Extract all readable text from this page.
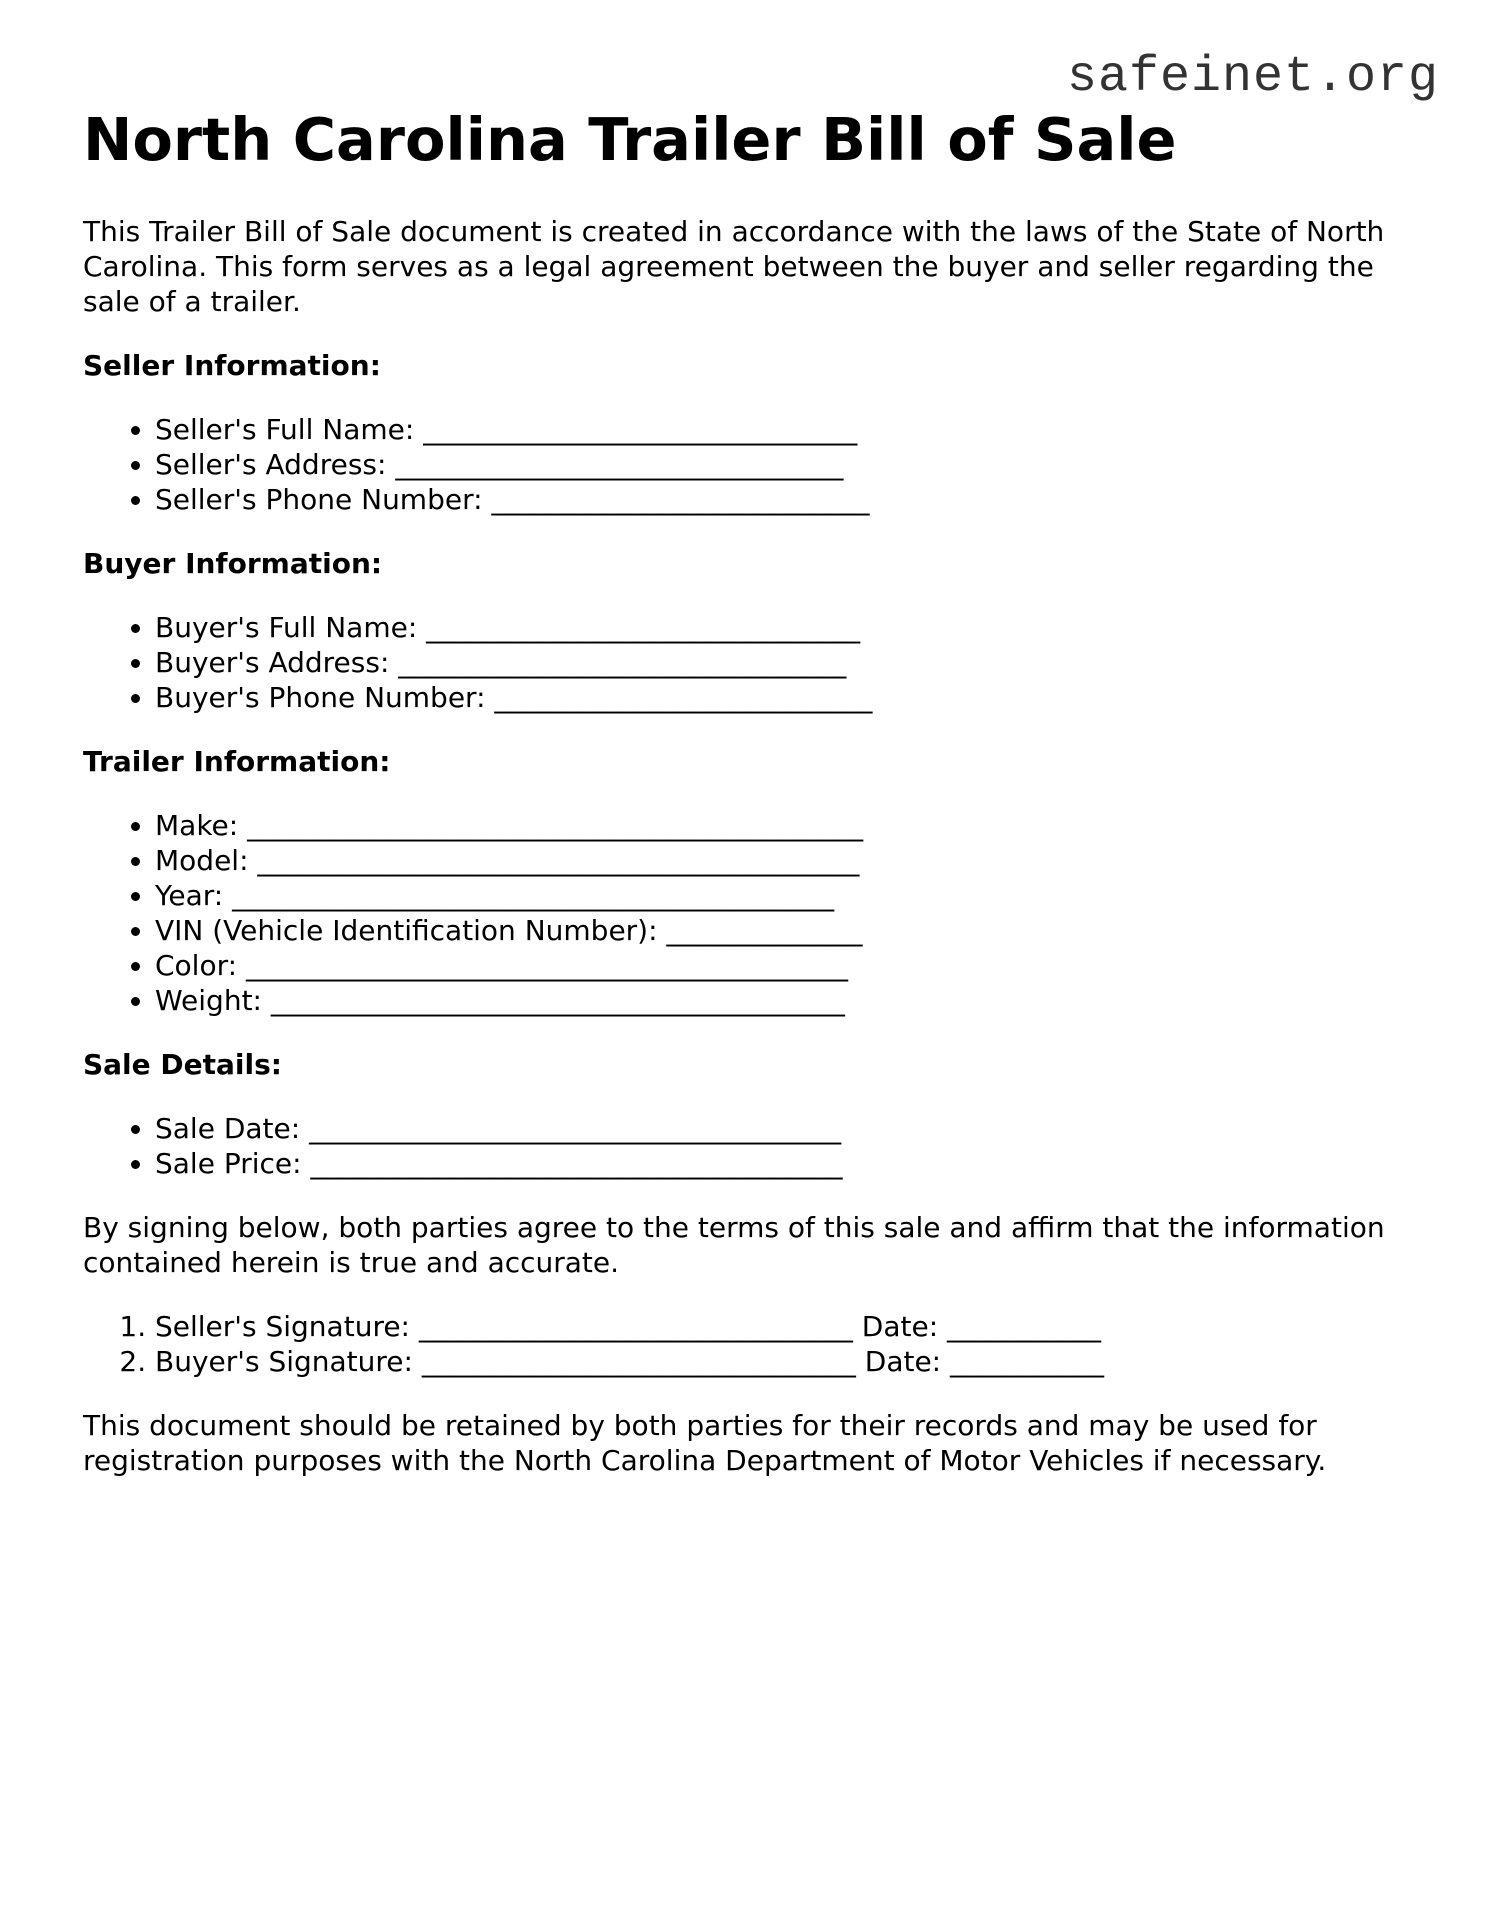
safeinet.org
North Carolina Trailer Bill of Sale

This Trailer Bill of Sale document is created in accordance with the laws of the State of North Carolina. This form serves as a legal agreement between the buyer and seller regarding the sale of a trailer.

Seller Information:
• Seller's Full Name: _______________________________
• Seller's Address: ________________________________
• Seller's Phone Number: ___________________________
Buyer Information:
• Buyer's Full Name: _______________________________
• Buyer's Address: ________________________________
• Buyer's Phone Number: ___________________________
Trailer Information:
• Make: ____________________________________________
• Model: ___________________________________________
• Year: ___________________________________________
• VIN (Vehicle Identification Number): ______________
• Color: ___________________________________________
• Weight: _________________________________________
Sale Details:
• Sale Date: ______________________________________
• Sale Price: ______________________________________

By signing below, both parties agree to the terms of this sale and affirm that the information contained herein is true and accurate.

1. Seller's Signature: _______________________________ Date: ___________
2. Buyer's Signature: _______________________________ Date: ___________

This document should be retained by both parties for their records and may be used for registration purposes with the North Carolina Department of Motor Vehicles if necessary.
